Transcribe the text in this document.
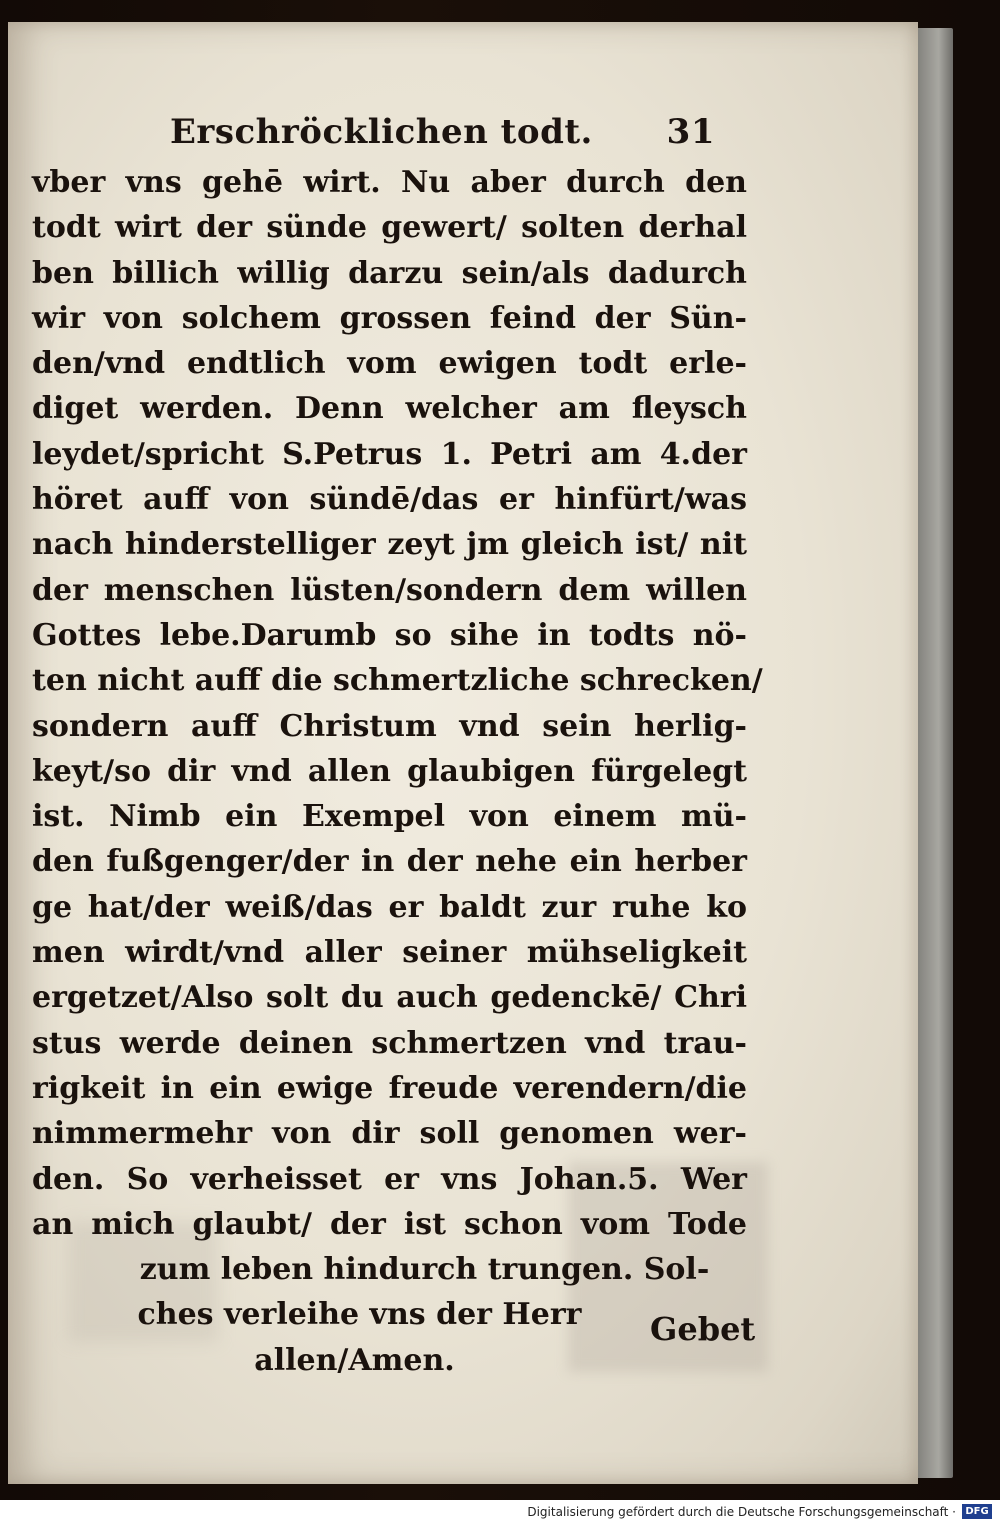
Erschröcklichen todt. 31
vber vns gehē wirt. Nu aber durch den
todt wirt der sünde gewert/ solten derhal
ben billich willig darzu sein/als dadurch
wir von solchem grossen feind der Sün-
den/vnd endtlich vom ewigen todt erle-
diget werden. Denn welcher am fleysch
leydet/spricht S.Petrus 1. Petri am 4.der
höret auff von sündē/das er hinfürt/was
nach hinderstelliger zeyt jm gleich ist/ nit
der menschen lüsten/sondern dem willen
Gottes lebe.Darumb so sihe in todts nö-
ten nicht auff die schmertzliche schrecken/
sondern auff Christum vnd sein herlig-
keyt/so dir vnd allen glaubigen fürgelegt
ist. Nimb ein Exempel von einem mü-
den fußgenger/der in der nehe ein herber
ge hat/der weiß/das er baldt zur ruhe ko
men wirdt/vnd aller seiner mühseligkeit
ergetzet/Also solt du auch gedenckē/ Chri
stus werde deinen schmertzen vnd trau-
rigkeit in ein ewige freude verendern/die
nimmermehr von dir soll genomen wer-
den. So verheisset er vns Johan.5. Wer
an mich glaubt/ der ist schon vom Tode
zum leben hindurch trungen. Sol-
ches verleihe vns der Herr
allen/Amen.
Gebet
Digitalisierung gefördert durch die Deutsche Forschungsgemeinschaft · DFG
